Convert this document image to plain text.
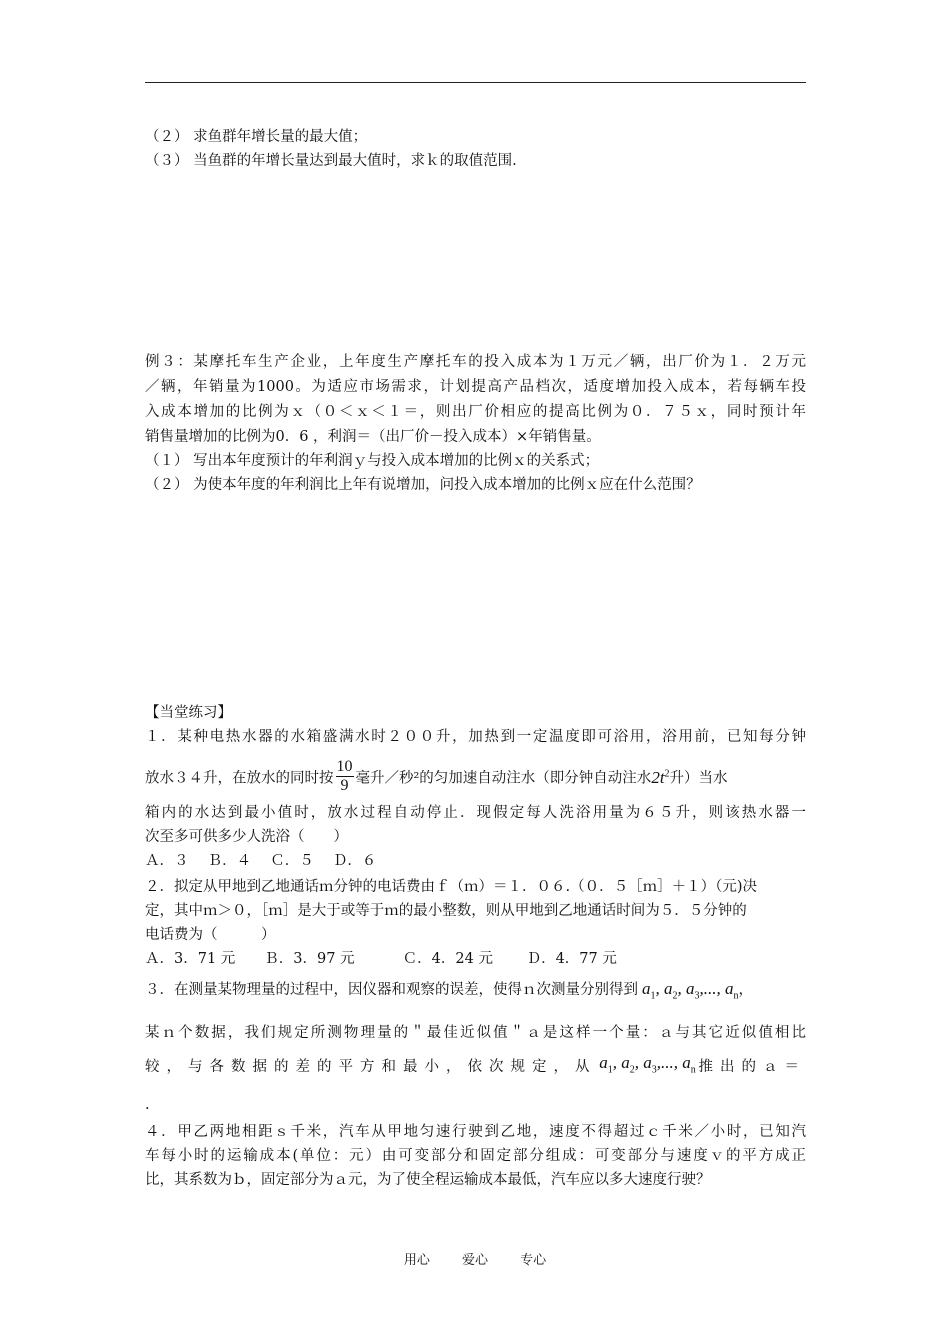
（２） 求鱼群年增长量的最大值；
（３） 当鱼群的年增长量达到最大值时，求ｋ的取值范围.
例３：某摩托车生产企业，上年度生产摩托车的投入成本为１万元／辆，出厂价为１．２万元
／辆，年销量为1000。为适应市场需求，计划提高产品档次，适度增加投入成本，若每辆车投
入成本增加的比例为ｘ（０＜ｘ＜１＝，则出厂价相应的提高比例为０．７５ｘ，同时预计年
销售量增加的比例为0．6 ，利润＝（出厂价－投入成本）×年销售量。
（１） 写出本年度预计的年利润ｙ与投入成本增加的比例ｘ的关系式；
（２） 为使本年度的年利润比上年有说增加，问投入成本增加的比例ｘ应在什么范围？
【当堂练习】
１．某种电热水器的水箱盛满水时２００升，加热到一定温度即可浴用，浴用前，已知每分钟
放水３４升，在放水的同时按 $\frac{10}{9}$ 毫升／秒²的匀加速自动注水（即分钟自动注水$2t^2$升）当水
箱内的水达到最小值时，放水过程自动停止．现假定每人洗浴用量为６５升，则该热水器一
次至多可供多少人洗浴（　　）
Ａ．３　 Ｂ．４　 Ｃ．５　 Ｄ．６
２．拟定从甲地到乙地通话ｍ分钟的电话费由ｆ（ｍ）＝１．０６.（０．５［ｍ］＋１）（元)决
定，其中ｍ＞０，［ｍ］是大于或等于ｍ的最小整数，则从甲地到乙地通话时间为５．５分钟的
电话费为（　　　）
Ａ．3．71 元　　Ｂ．3．97 元　　　 Ｃ．4．24 元　　 Ｄ．4．77 元
３．在测量某物理量的过程中，因仪器和观察的误差，使得ｎ次测量分别得到 $a_1$, $a_2$, $a_3$,..., $a_n$，
某ｎ个数据，我们规定所测物理量的＂最佳近似值＂ａ是这样一个量：ａ与其它近似值相比
较，与各数据的差的平方和最小，依次规定，从 $a_1$, $a_2$, $a_3$,..., $a_n$ 推出的ａ＝
.
４．甲乙两地相距ｓ千米，汽车从甲地匀速行驶到乙地，速度不得超过ｃ千米／小时，已知汽
车每小时的运输成本(单位：元）由可变部分和固定部分组成：可变部分与速度ｖ的平方成正
比，其系数为ｂ，固定部分为ａ元，为了使全程运输成本最低，汽车应以多大速度行驶？
用心 爱心 专心
